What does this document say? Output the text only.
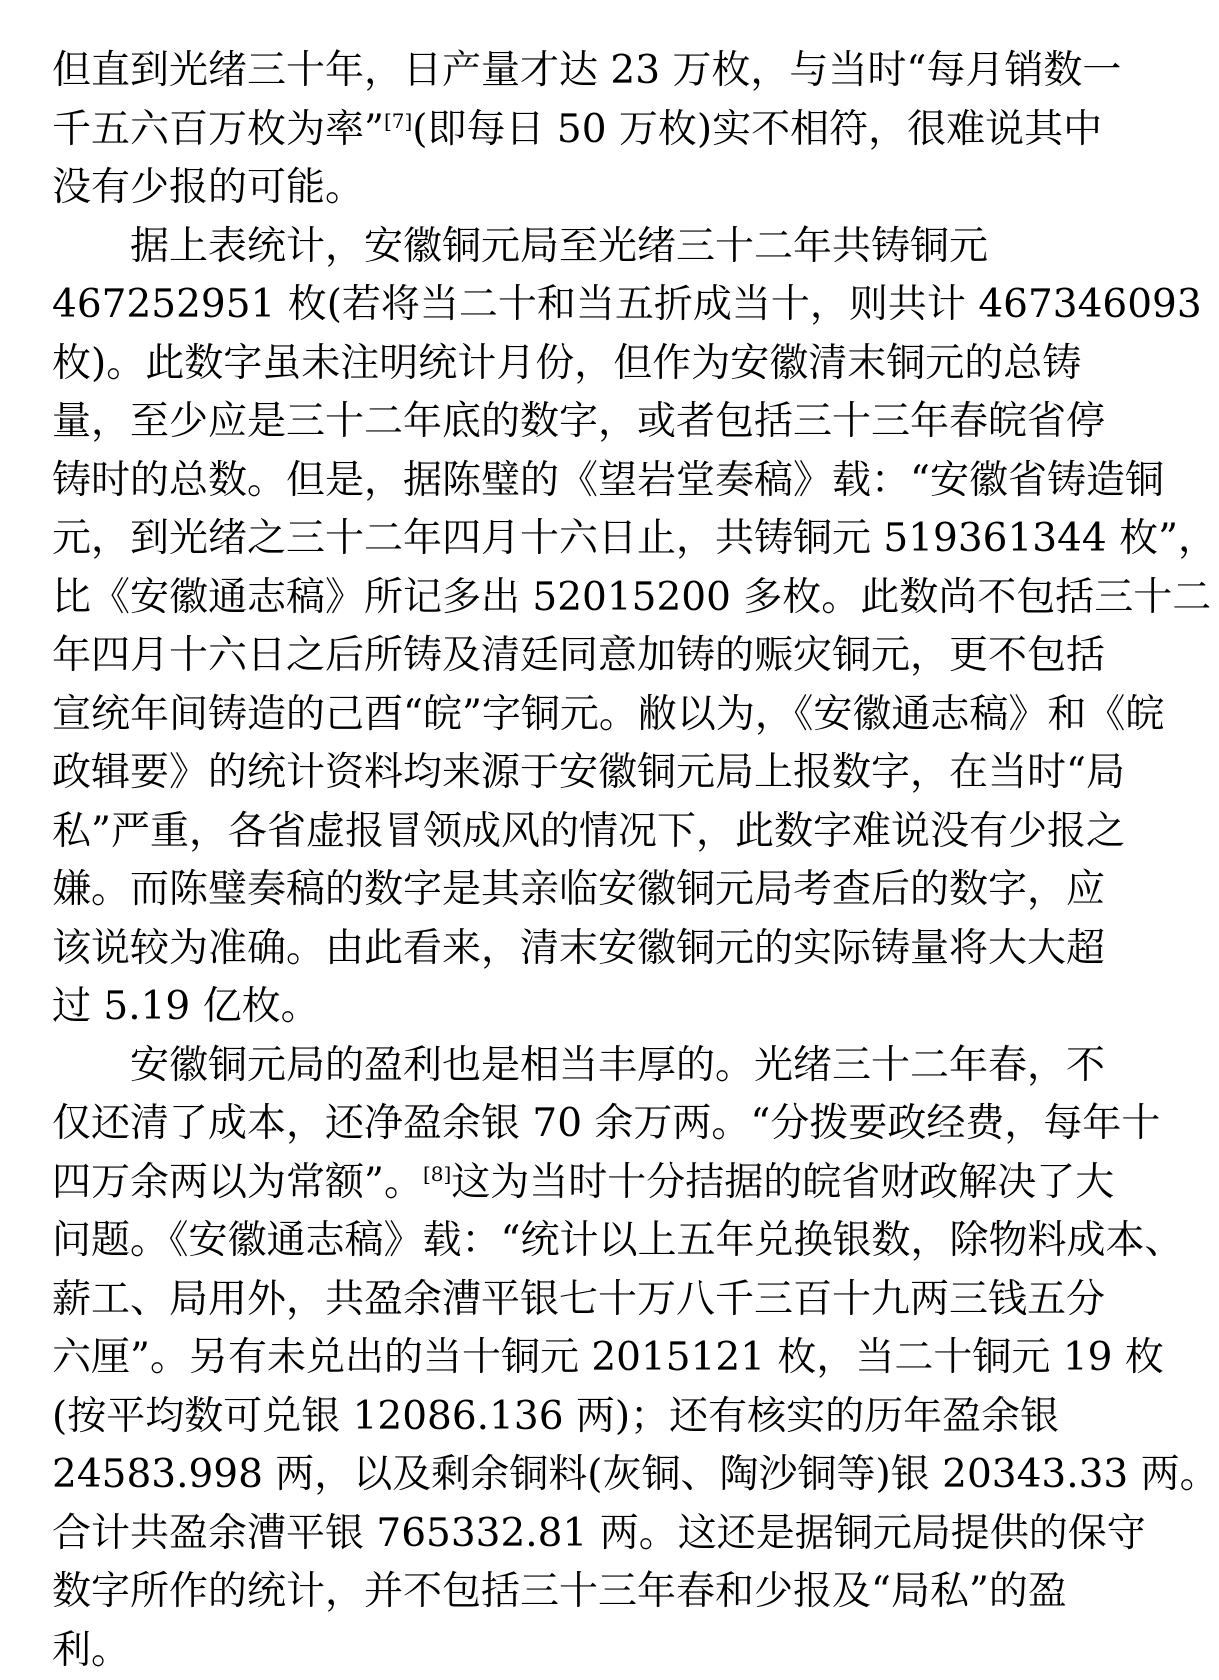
但直到光绪三十年，日产量才达 23 万枚，与当时“每月销数一
千五六百万枚为率”[7](即每日 50 万枚)实不相符，很难说其中
没有少报的可能。
据上表统计，安徽铜元局至光绪三十二年共铸铜元
467252951 枚(若将当二十和当五折成当十，则共计 467346093
枚)。此数字虽未注明统计月份，但作为安徽清末铜元的总铸
量，至少应是三十二年底的数字，或者包括三十三年春皖省停
铸时的总数。但是，据陈璧的《望岩堂奏稿》载：“安徽省铸造铜
元，到光绪之三十二年四月十六日止，共铸铜元 519361344 枚”，
比《安徽通志稿》所记多出 52015200 多枚。此数尚不包括三十二
年四月十六日之后所铸及清廷同意加铸的赈灾铜元，更不包括
宣统年间铸造的己酉“皖”字铜元。敝以为，《安徽通志稿》和《皖
政辑要》的统计资料均来源于安徽铜元局上报数字，在当时“局
私”严重，各省虚报冒领成风的情况下，此数字难说没有少报之
嫌。而陈璧奏稿的数字是其亲临安徽铜元局考查后的数字，应
该说较为准确。由此看来，清末安徽铜元的实际铸量将大大超
过 5.19 亿枚。
安徽铜元局的盈利也是相当丰厚的。光绪三十二年春，不
仅还清了成本，还净盈余银 70 余万两。“分拨要政经费，每年十
四万余两以为常额”。[8]这为当时十分拮据的皖省财政解决了大
问题。《安徽通志稿》载：“统计以上五年兑换银数，除物料成本、
薪工、局用外，共盈余漕平银七十万八千三百十九两三钱五分
六厘”。另有未兑出的当十铜元 2015121 枚，当二十铜元 19 枚
(按平均数可兑银 12086.136 两)；还有核实的历年盈余银
24583.998 两，以及剩余铜料(灰铜、陶沙铜等)银 20343.33 两。
合计共盈余漕平银 765332.81 两。这还是据铜元局提供的保守
数字所作的统计，并不包括三十三年春和少报及“局私”的盈
利。
